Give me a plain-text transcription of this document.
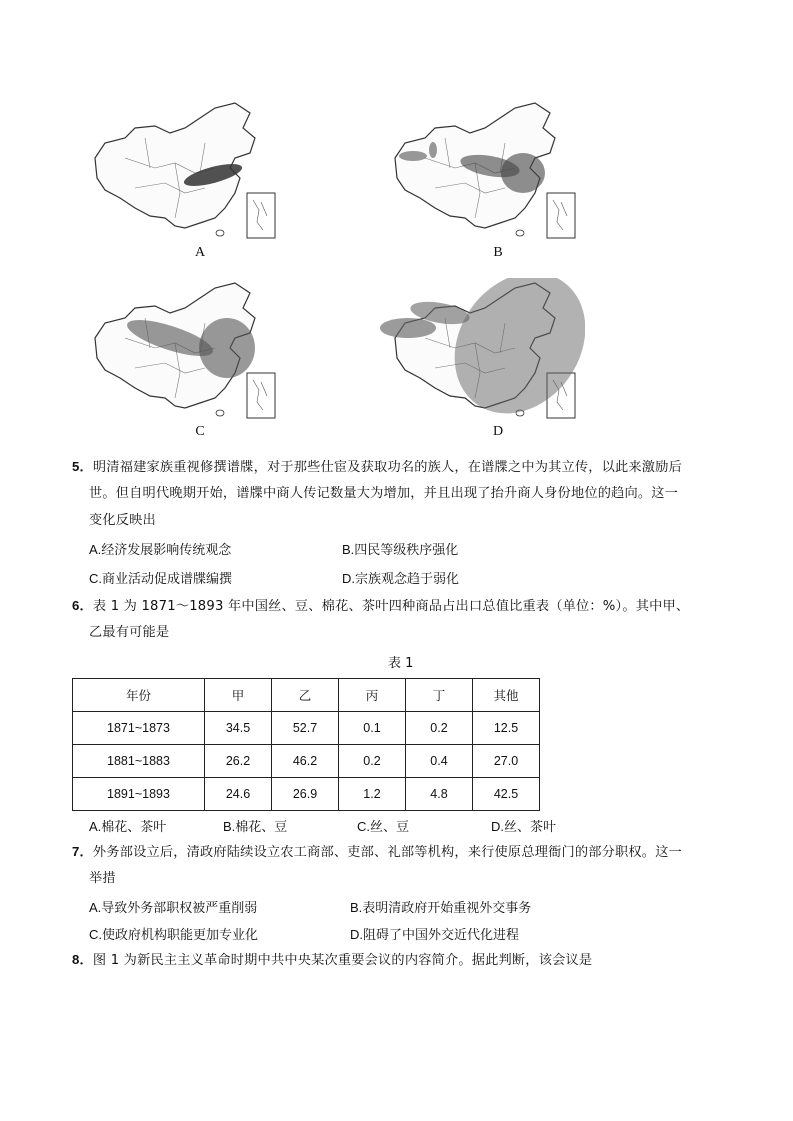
A	B
C	D
5．明清福建家族重视修撰谱牒，对于那些仕宦及获取功名的族人，在谱牒之中为其立传，以此来激励后
世。但自明代晚期开始，谱牒中商人传记数量大为增加，并且出现了抬升商人身份地位的趋向。这一
变化反映出
A.经济发展影响传统观念	B.四民等级秩序强化
C.商业活动促成谱牒编撰	D.宗族观念趋于弱化
6．表 1 为 1871～1893 年中国丝、豆、棉花、茶叶四种商品占出口总值比重表（单位：%）。其中甲、
乙最有可能是
表 1
年份	甲	乙	丙	丁	其他
1871~1873	34.5	52.7	0.1	0.2	12.5
1881~1883	26.2	46.2	0.2	0.4	27.0
1891~1893	24.6	26.9	1.2	4.8	42.5
A.棉花、茶叶	B.棉花、豆	C.丝、豆	D.丝、茶叶
7．外务部设立后，清政府陆续设立农工商部、吏部、礼部等机构，来行使原总理衙门的部分职权。这一
举措
A.导致外务部职权被严重削弱	B.表明清政府开始重视外交事务
C.使政府机构职能更加专业化	D.阻碍了中国外交近代化进程
8．图 1 为新民主主义革命时期中共中央某次重要会议的内容简介。据此判断，该会议是
